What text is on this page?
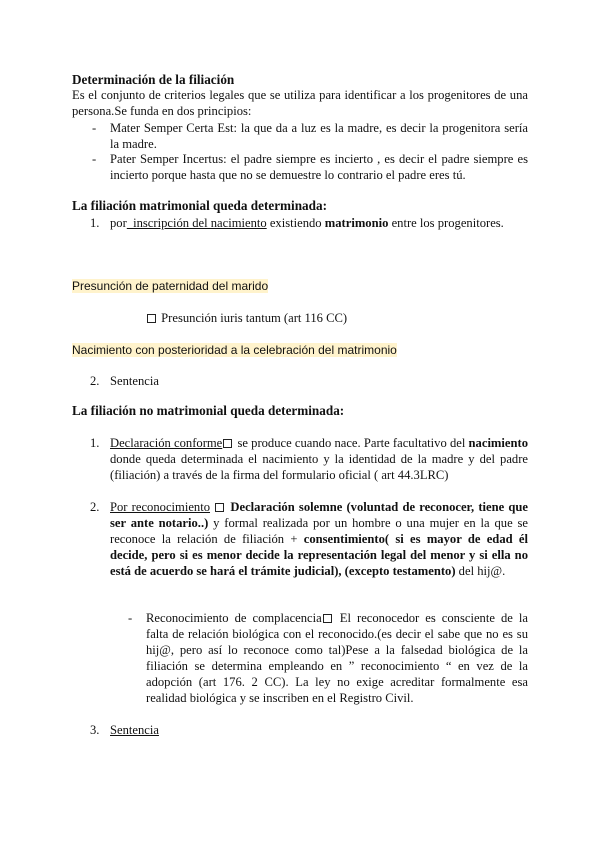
Determinación de la filiación
Es el conjunto de criterios legales que se utiliza para identificar a los progenitores de una persona.Se funda en dos principios:
- Mater Semper Certa Est: la que da a luz es la madre, es decir la progenitora sería la madre.
- Pater Semper Incertus: el padre siempre es incierto , es decir el padre siempre es incierto porque hasta que no se demuestre lo contrario el padre eres tú.
La filiación matrimonial queda determinada:
1. por  inscripción del nacimiento existiendo matrimonio entre los progenitores.
Presunción de paternidad del marido
Presunción iuris tantum (art 116 CC)
Nacimiento con posterioridad a la celebración del matrimonio
2. Sentencia
La filiación no matrimonial queda determinada:
1. Declaración conforme se produce cuando nace. Parte facultativo del nacimiento donde queda determinada el nacimiento y la identidad de la madre y del padre (filiación) a través de la firma del formulario oficial ( art 44.3LRC)
2. Por reconocimiento Declaración solemne (voluntad de reconocer, tiene que ser ante notario..) y formal realizada por un hombre o una mujer en la que se reconoce la relación de filiación + consentimiento( si es mayor de edad él decide, pero si es menor decide la representación legal del menor y si ella no está de acuerdo se hará el trámite judicial), (excepto testamento) del hij@.
- Reconocimiento de complacencia El reconocedor es consciente de la falta de relación biológica con el reconocido.(es decir el sabe que no es su hij@, pero así lo reconoce como tal)Pese a la falsedad biológica de la filiación se determina empleando en ” reconocimiento “ en vez de la adopción (art 176. 2 CC). La ley no exige acreditar formalmente esa realidad biológica y se inscriben en el Registro Civil.
3. Sentencia
